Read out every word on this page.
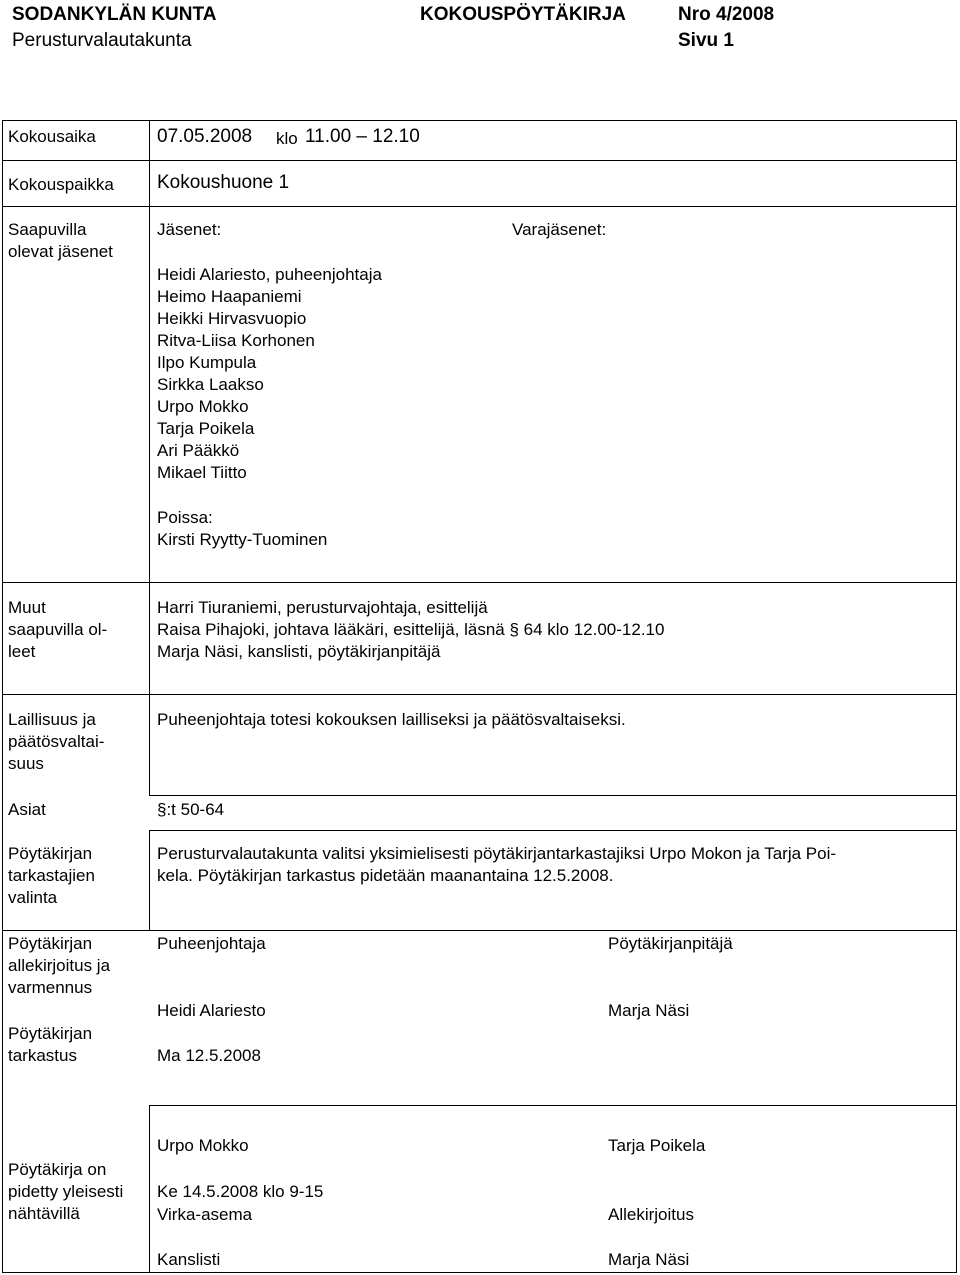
SODANKYLÄN KUNTA
Perusturvalautakunta
KOKOUSPÖYTÄKIRJA	Nro 4/2008
Sivu 1
Kokousaika	07.05.2008 klo 11.00 – 12.10
Kokouspaikka Kokoushuone 1
Saapuvilla
olevat jäsenet
Jäsenet:	Varajäsenet:
Heidi Alariesto, puheenjohtaja
Heimo Haapaniemi
Heikki Hirvasvuopio
Ritva-Liisa Korhonen
Ilpo Kumpula
Sirkka Laakso
Urpo Mokko
Tarja Poikela
Ari Pääkkö
Mikael Tiitto
Poissa:
Kirsti Ryytty-Tuominen
Muut
saapuvilla ol-
leet
Harri Tiuraniemi, perusturvajohtaja, esittelijä
Raisa Pihajoki, johtava lääkäri, esittelijä, läsnä § 64 klo 12.00-12.10
Marja Näsi, kanslisti, pöytäkirjanpitäjä
Laillisuus ja
päätösvaltai-
suus
Puheenjohtaja totesi kokouksen lailliseksi ja päätösvaltaiseksi.
Asiat	§:t 50-64
Pöytäkirjan
tarkastajien
valinta
Perusturvalautakunta valitsi yksimielisesti pöytäkirjantarkastajiksi Urpo Mokon ja Tarja Poi-
kela. Pöytäkirjan tarkastus pidetään maanantaina 12.5.2008.
Pöytäkirjan
allekirjoitus ja
varmennus
Puheenjohtaja	Pöytäkirjanpitäjä
Heidi Alariesto	Marja Näsi
Pöytäkirjan
tarkastus	Ma 12.5.2008
Urpo Mokko	Tarja Poikela
Pöytäkirja on
pidetty yleisesti
nähtävillä
Ke 14.5.2008 klo 9-15
Virka-asema	Allekirjoitus
Kanslisti	Marja Näsi
